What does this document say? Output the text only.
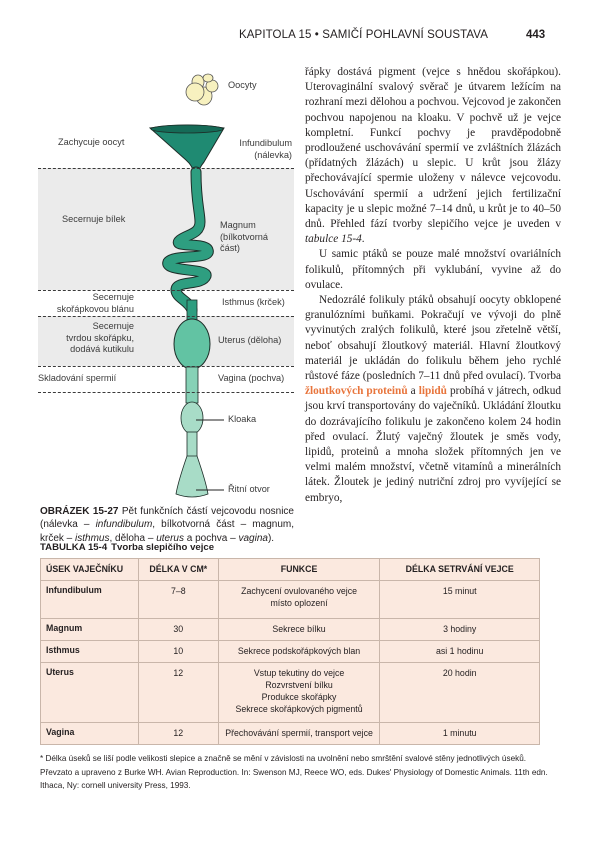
KAPITOLA 15 • SAMIČÍ POHLAVNÍ SOUSTAVA	443
Oocyty
Infundibulum
(nálevka)
Magnum
(bílkotvorná
část)
Isthmus (krček)
Uterus (děloha)
Vagina (pochva)
Kloaka
Řitní otvor
Zachycuje oocyt
Secernuje bílek
Secernuje
skořápkovou blánu
Secernuje
tvrdou skořápku,
dodává kutikulu
Skladování spermií
OBRÁZEK 15-27 Pět funkčních částí vejcovodu nosnice (nálevka – infundibulum, bílkotvorná část – magnum, krček – isthmus, děloha – uterus a pochva – vagina).

řápky dostává pigment (vejce s hnědou skořápkou). Uterovaginální svalový svěrač je útvarem ležícím na rozhraní mezi dělohou a pochvou. Vejcovod je zakončen pochvou napojenou na kloaku. V pochvě už je vejce kompletní. Funkcí pochvy je pravděpodobně prodloužené uschovávání spermií ve zvláštních žlázách (přídatných žlázách) u slepic. U krůt jsou žlázy přechovávající spermie uloženy v nálevce vejcovodu. Uschovávání spermií a udržení jejich fertilizační kapacity je u slepic možné 7–14 dnů, u krůt je to 40–50 dnů. Přehled fází tvorby slepičího vejce je uveden v tabulce 15-4.

U samic ptáků se pouze malé množství ovariálních folikulů, přítomných při vyklubání, vyvine až do ovulace.

Nedozrálé folikuly ptáků obsahují oocyty obklopené granulózními buňkami. Pokračují ve vývoji do plně vyvinutých zralých folikulů, které jsou zřetelně větší, neboť obsahují žloutkový materiál. Hlavní žloutkový materiál je ukládán do folikulu během jeho rychlé růstové fáze (posledních 7–11 dnů před ovulací). Tvorba žloutkových proteinů a lipidů probíhá v játrech, odkud jsou krví transportovány do vaječníků. Ukládání žloutku do dozrávajícího folikulu je zakončeno kolem 24 hodin před ovulací. Žlutý vaječný žloutek je směs vody, lipidů, proteinů a mnoha složek přítomných jen ve velmi malém množství, včetně vitamínů a minerálních látek. Žloutek je jediný nutriční zdroj pro vyvíjející se embryo,

TABULKA 15-4 Tvorba slepičího vejce
ÚSEK VAJEČNÍKU	DÉLKA V CM*	FUNKCE	DÉLKA SETRVÁNÍ VEJCE
Infundibulum	7–8	Zachycení ovulovaného vejce
místo oplození	15 minut
Magnum	30	Sekrece bílku	3 hodiny
Isthmus	10	Sekrece podskořápkových blan	asi 1 hodinu
Uterus	12	Vstup tekutiny do vejce
Rozvrstvení bílku
Produkce skořápky
Sekrece skořápkových pigmentů	20 hodin
Vagina	12	Přechovávání spermií, transport vejce	1 minutu
* Délka úseků se liší podle velikosti slepice a značně se mění v závislosti na uvolnění nebo smrštění svalové stěny jednotlivých úseků.
Převzato a upraveno z Burke WH. Avian Reproduction. In: Swenson MJ, Reece WO, eds. Dukes' Physiology of Domestic Animals. 11th edn. Ithaca, Ny: cornell university Press, 1993.
